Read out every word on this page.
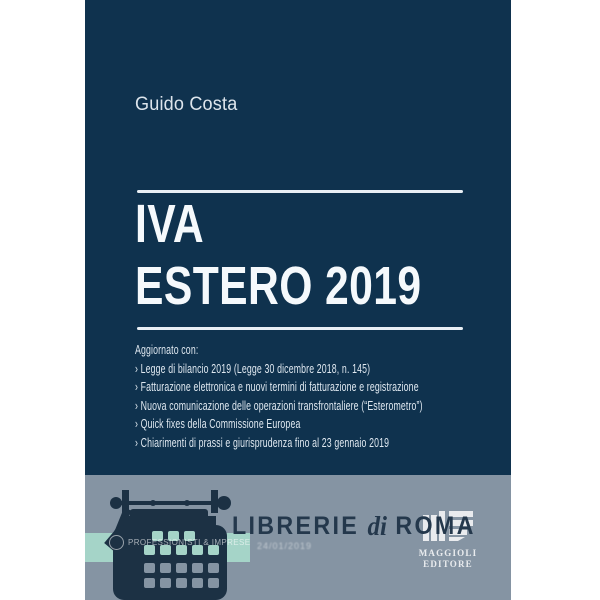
Guido Costa
IVA
ESTERO 2019
Aggiornato con:
› Legge di bilancio 2019 (Legge 30 dicembre 2018, n. 145)
› Fatturazione elettronica e nuovi termini di fatturazione e registrazione
› Nuova comunicazione delle operazioni transfrontaliere (“Esterometro”)
› Quick fixes della Commissione Europea
› Chiarimenti di prassi e giurisprudenza fino al 23 gennaio 2019
LIBRERIE di ROMA
MAGGIOLI
EDITORE
PROFESSIONISTI & IMPRESE 24/01/2019
